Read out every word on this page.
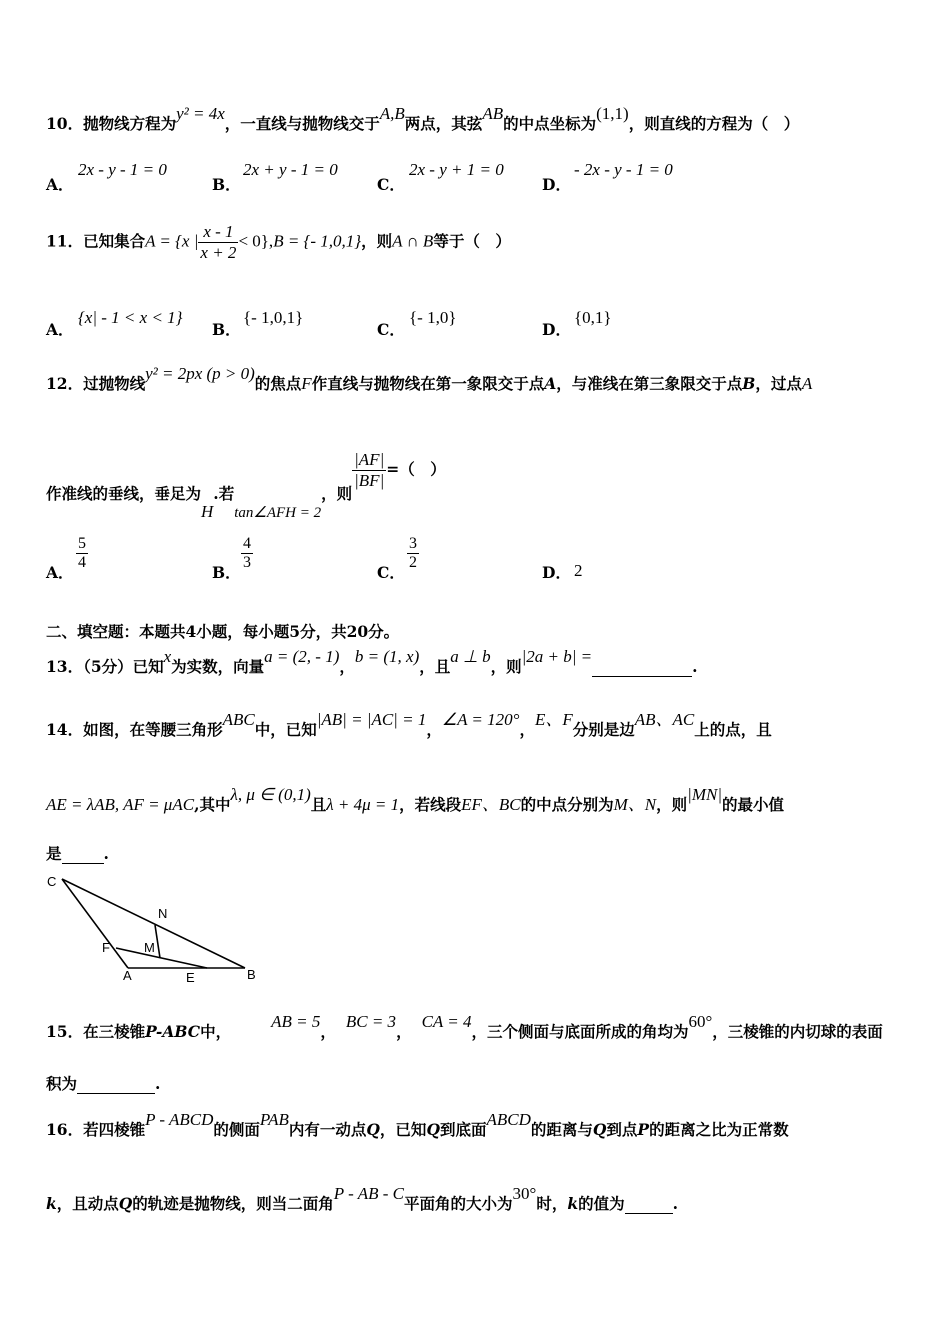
10．抛物线方程为y² = 4x，一直线与抛物线交于A,B两点，其弦AB的中点坐标为(1,1)，则直线的方程为（　）
A．
2x - y - 1 = 0
B．
2x + y - 1 = 0
C．
2x - y + 1 = 0
D．
- 2x - y - 1 = 0
11．已知集合A = {x | $\frac{x - 1}{x + 2} < 0\},B$ = {- 1,0,1}，则A ∩ B等于（　）
A．
{x| - 1 < x < 1}
B．
{- 1,0,1}
C．
{- 1,0}
D．
{0,1}
12．过抛物线y² = 2px (p > 0)的焦点F作直线与抛物线在第一象限交于点A，与准线在第三象限交于点B，过点A
作准线的垂线，垂足为H.若tan∠AFH = 2，则
$\frac{|AF|}{|BF|}$ =（　）
A．
$\frac{5}{4}$
B．
$\frac{4}{3}$
C．
$\frac{3}{2}$
D． 2
二、填空题：本题共4小题，每小题5分，共20分。
13．（5分）已知x为实数，向量a = (2, - 1)，b = (1, x)，且a ⊥ b，则|2a + b| =.
14．如图，在等腰三角形ABC中，已知|AB| = |AC| = 1，∠A = 120°，E、F分别是边AB、AC上的点，且
AE = λAB, AF = μAC,其中λ, μ ∈ (0,1)且λ + 4μ = 1，若线段EF、BC的中点分别为M、N，则|MN|的最小值
是	.
C
N
F	M
A	E	B
15．在三棱锥P-ABC中，AB = 5，BC = 3，CA = 4，三个侧面与底面所成的角均为60°，三棱锥的内切球的表面
积为	.
16．若四棱锥P - ABCD的侧面PAB内有一动点Q，已知Q到底面ABCD的距离与Q到点P的距离之比为正常数
k，且动点Q的轨迹是抛物线，则当二面角P - AB - C平面角的大小为30°时，k的值为	.
